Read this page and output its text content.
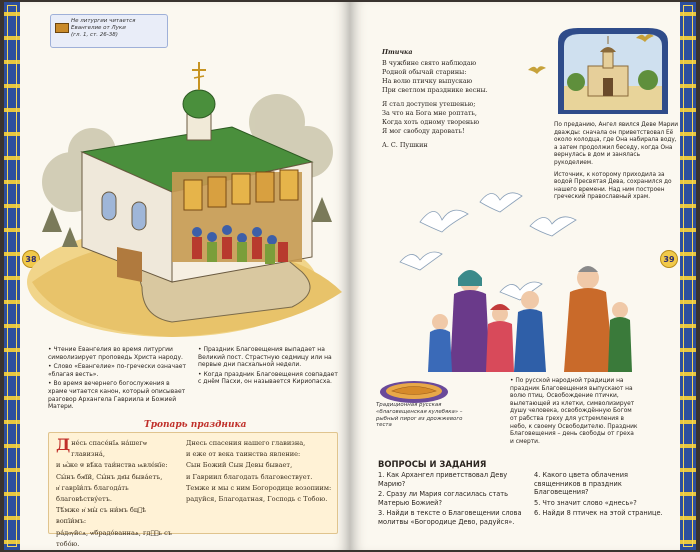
38
Не литургии читается
Евангелие от Луки
(гл. 1, ст. 26-38)

• Чтение Евангелия во время литургии символизирует проповедь Христа народу.

• Слово «Евангелие» по-гречески означает «благая весть».

• Во время вечернего богослужения в храме читается канон, который описывает разговор Архангела Гавриила и Божией Матери.

• Праздник Благовещения выпадает на Великий пост. Страстную седмицу или на первые дни пасхальной недели.

• Когда праздник Благовещения совпадает с днём Пасхи, он называется Кириопасха.

Тропарь праздника
Д нéсь спасéнїѧ нáшегѡ главизнá,
и ѩ҆́же ѿ вѣ́ка таи́нства ѩвлéнїе:
Сы́нъ бж҃їй, Сы́нъ дв҃ы быва́етъ,
и҆ гаврїи́лъ благода́ть благовѣству́етъ.
Тѣ́мже и҆ мы̀ съ ни́мъ бцⷣѣ вопїи́мъ:
ра́дѹйсѧ, ѡ҆брадо́ваннаѧ, гдⷭ҇ь съ тобо́ю.
Днесь спасения нашего главизна,
и еже от века таинства явление:
Сын Божий Сын Девы бывает,
и Гавриил благодать благовествует.
Темже и мы с ним Богородице возопиим:
радуйся, Благодатная, Господь с Тобою.
39
Птичка
В чужбине свято наблюдаю
Родной обычай старины:
На волю птичку выпускаю
При светлом празднике весны.
Я стал доступен утешенью;
За что на Бога мне роптать,
Когда хоть одному творенью
Я мог свободу даровать!
А. С. Пушкин

По преданию, Ангел явился Деве Марии дважды: сначала он приветствовал Её около колодца, где Она набирала воду, а затем продолжил беседу, когда Она вернулась в дом и занялась рукоделием.

Источник, к которому приходила за водой Пресвятая Дева, сохранился до нашего времени. Над ним построен греческий православный храм.

Традиционная русская «благовещенская кулебяка» – рыбный пирог из дрожжевого теста
• По русской народной традиции на праздник Благовещения выпускают на волю птиц. Освобождение птички, вылетающей из клетки, символизирует душу человека, освобождённую Богом от рабства греху для устремления в небо, к своему Освободителю. Праздник Благовещения – день свободы от греха и смерти.
ВОПРОСЫ И ЗАДАНИЯ

1. Как Архангел приветствовал Деву Марию?

2. Сразу ли Мария согласилась стать Матерью Божией?

3. Найди в тексте о Благовещении слова молитвы «Богородице Дево, радуйся».

4. Какого цвета облачения священников в праздник Благовещения?

5. Что значит слово «днесь»?

6. Найди 8 птичек на этой странице.
